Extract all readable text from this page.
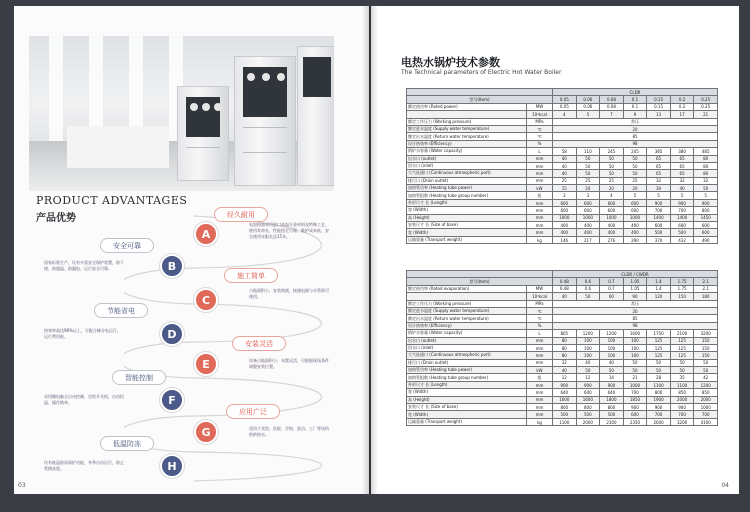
PRODUCT ADVANTAGES
产品优势	经久耐用
A
电加热器采用进口高温合金材料及特殊工艺，使用寿命长，性能稳定可靠，维护成本低，安全使用年限长达15年。
安全可靠
B
国家标准生产，设有多重安全保护装置，防干烧、防超温、防漏电，运行安全可靠。
施工简单
C
占地面积小，安装简便，接通电源与水管即可使用。
节能省电
D
热效率高达98%以上，可配合峰谷电运行，运行费用低。
安装灵活
E	设备占地面积小，布置灵活，可根据现场条件调整安装位置。
智能控制
F
采用微电脑全自动控制，定时开关机，自动恒温，操作简单。
应用广泛
G	适用于宾馆、医院、学校、洗浴、工厂等场所的供热水。
低温防冻
H
设有低温防冻保护功能，冬季自动运行，防止管路冻裂。
03
电热水锅炉技术参数
The Technical parameters of Electric Hot Water Boiler
		CLDR						
型号(Item)		0.05	0.06	0.08	0.1	0.15	0.2	0.25
额定热功率 (Rated power)	MW	0.05	0.06	0.08	0.1	0.15	0.2	0.25
	10⁴kcal	4	5	7	9	13	17	21
额定工作压力 (Working pressure)	MPa	常压						
额定进水温度 (Supply water temperature)	℃	20						
额定出水温度 (Return water temperature)	℃	85						
设计热效率 (Efficiency)	%	98						
锅炉水容量 (Water capacity)	L	58	110	245	245	385	380	485
出水口 (outlet)	mm	40	50	50	50	65	65	80
回水口 (inlet)	mm	40	50	50	50	65	65	80
大气连通口 (Continuous atmospheric port)	mm	40	50	50	50	65	65	80
排污口 (Drain outlet)	mm	25	25	25	25	32	32	32
加热管功率 (Heating tube power)	kW	15	20	20	20	30	40	50
加热管组数 (Heating tube group number)	组	3	3	4	5	5	5	5
外形尺寸 长 (Length)	mm	600	600	600	600	900	900	900
宽 (Width)	mm	600	600	600	600	700	700	800
高 (Height)	mm	1000	1000	1000	1000	1400	1400	1450
安装尺寸 长 (Size of base)	mm	400	400	400	400	600	600	600
宽 (Width)	mm	400	400	400	400	500	500	600
运输重量 (Transport weight)	kg	146	217	276	290	370	432	490
		CLDR / CWDR						
型号(Item)		0.48	0.6	0.7	1.05	1.4	1.75	2.1
额定热功率 (Rated evaporation)	MW	0.48	0.6	0.7	1.05	1.4	1.75	2.1
	10⁴kcal	40	50	60	90	120	150	180
额定工作压力 (Working pressure)	MPa	常压						
额定进水温度 (Supply water temperature)	℃	20						
额定出水温度 (Return water temperature)	℃	85						
设计热效率 (Efficiency)	%	98						
锅炉水容量 (Water capacity)	L	805	1200	1200	1600	1750	2100	3200
出水口 (outlet)	mm	80	100	100	100	125	125	150
回水口 (inlet)	mm	80	100	100	100	125	125	150
大气连通口 (Continuous atmospheric port)	mm	80	100	100	100	125	125	150
排污口 (Drain outlet)	mm	32	40	40	50	50	50	50
加热管功率 (Heating tube power)	kW	40	50	50	50	50	50	50
加热管组数 (Heating tube group number)	组	12	12	14	21	28	35	42
外形尺寸 长 (Length)	mm	900	900	900	1000	1100	1100	1200
宽 (Width)	mm	640	640	640	700	800	850	850
高 (Height)	mm	1600	1600	1800	1850	1900	2000	2000
安装尺寸 长 (Size of base)	mm	800	800	800	900	900	900	1000
宽 (Width)	mm	500	500	500	600	700	700	700
运输重量 (Transport weight)	kg	1100	2000	2100	2350	2600	3200	4100
04
